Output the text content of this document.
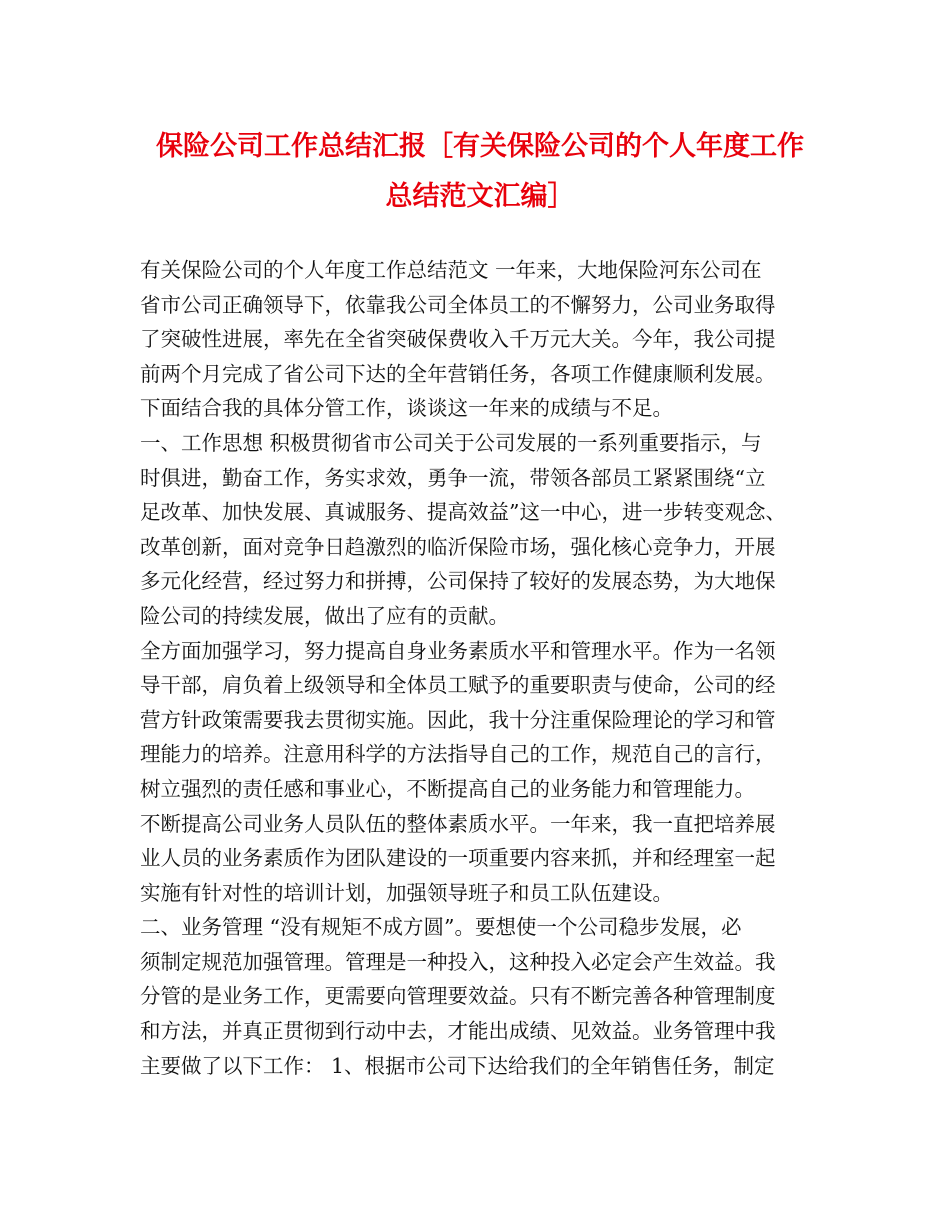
保险公司工作总结汇报［有关保险公司的个人年度工作
总结范文汇编］
有关保险公司的个人年度工作总结范文 一年来，大地保险河东公司在
省市公司正确领导下，依靠我公司全体员工的不懈努力，公司业务取得
了突破性进展，率先在全省突破保费收入千万元大关。今年，我公司提
前两个月完成了省公司下达的全年营销任务，各项工作健康顺利发展。
下面结合我的具体分管工作，谈谈这一年来的成绩与不足。
一、工作思想 积极贯彻省市公司关于公司发展的一系列重要指示，与
时俱进，勤奋工作，务实求效，勇争一流，带领各部员工紧紧围绕“立
足改革、加快发展、真诚服务、提高效益”这一中心，进一步转变观念、
改革创新，面对竞争日趋激烈的临沂保险市场，强化核心竞争力，开展
多元化经营，经过努力和拼搏，公司保持了较好的发展态势，为大地保
险公司的持续发展，做出了应有的贡献。
全方面加强学习，努力提高自身业务素质水平和管理水平。作为一名领
导干部，肩负着上级领导和全体员工赋予的重要职责与使命，公司的经
营方针政策需要我去贯彻实施。因此，我十分注重保险理论的学习和管
理能力的培养。注意用科学的方法指导自己的工作，规范自己的言行，
树立强烈的责任感和事业心，不断提高自己的业务能力和管理能力。
不断提高公司业务人员队伍的整体素质水平。一年来，我一直把培养展
业人员的业务素质作为团队建设的一项重要内容来抓，并和经理室一起
实施有针对性的培训计划，加强领导班子和员工队伍建设。
二、业务管理 “没有规矩不成方圆”。要想使一个公司稳步发展，必
须制定规范加强管理。管理是一种投入，这种投入必定会产生效益。我
分管的是业务工作，更需要向管理要效益。只有不断完善各种管理制度
和方法，并真正贯彻到行动中去，才能出成绩、见效益。业务管理中我
主要做了以下工作： 1、根据市公司下达给我们的全年销售任务，制定
